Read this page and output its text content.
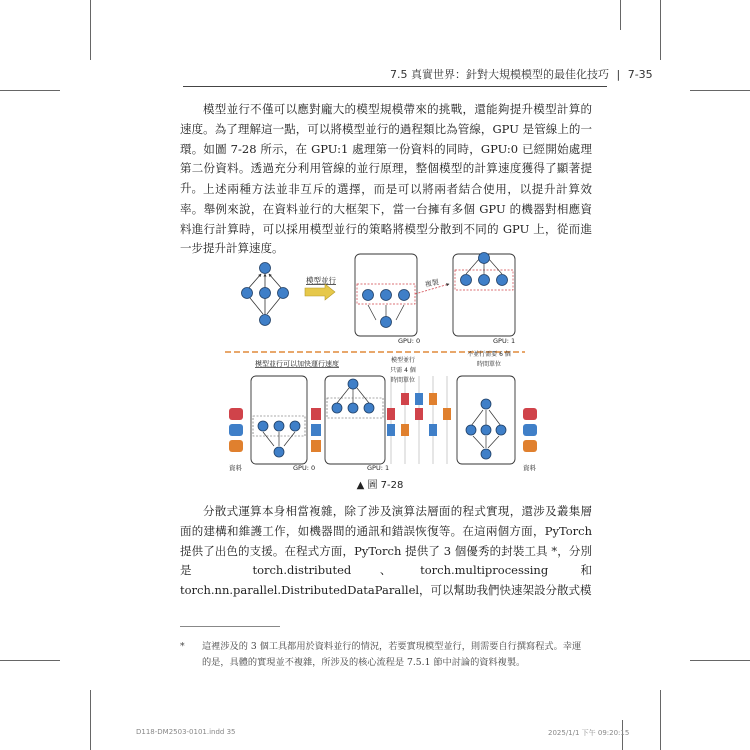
7.5 真實世界：針對大規模模型的最佳化技巧 | 7-35

模型並行不僅可以應對龐大的模型規模帶來的挑戰，還能夠提升模型計算的速度。為了理解這一點，可以將模型並行的過程類比為管線，GPU 是管線上的一環。如圖 7-28 所示，在 GPU:1 處理第一份資料的同時，GPU:0 已經開始處理第二份資料。透過充分利用管線的並行原理，整個模型的計算速度獲得了顯著提升。 上述兩種方法並非互斥的選擇，而是可以將兩者結合使用，以提升計算效率。舉例來說，在資料並行的大框架下，當一台擁有多個 GPU 的機器對相應資料進行計算時，可以採用模型並行的策略將模型分散到不同的 GPU 上，從而進一步提升計算速度。

模型並行
GPU: 0
複製
GPU: 1
模型並行可以加快運行速度	模型並行
只需 4 個
時間單位
不並行需要 6 個
時間單位
資料	GPU: 0	GPU: 1	資料
▲ 圖 7-28

分散式運算本身相當複雜，除了涉及演算法層面的程式實現，還涉及叢集層面的建構和維護工作，如機器間的通訊和錯誤恢復等。在這兩個方面，PyTorch 提供了出色的支援。在程式方面，PyTorch 提供了 3 個優秀的封裝工具 *，分別是 torch.distributed、torch.multiprocessing 和 torch.nn.parallel.DistributedDataParallel，可以幫助我們快速架設分散式模

*	這裡涉及的 3 個工具都用於資料並行的情況，若要實現模型並行，則需要自行撰寫程式。幸運的是，具體的實現並不複雜，所涉及的核心流程是 7.5.1 節中討論的資料複製。
D118-DM2503-0101.indd 35	2025/1/1 下午 09:20:15
